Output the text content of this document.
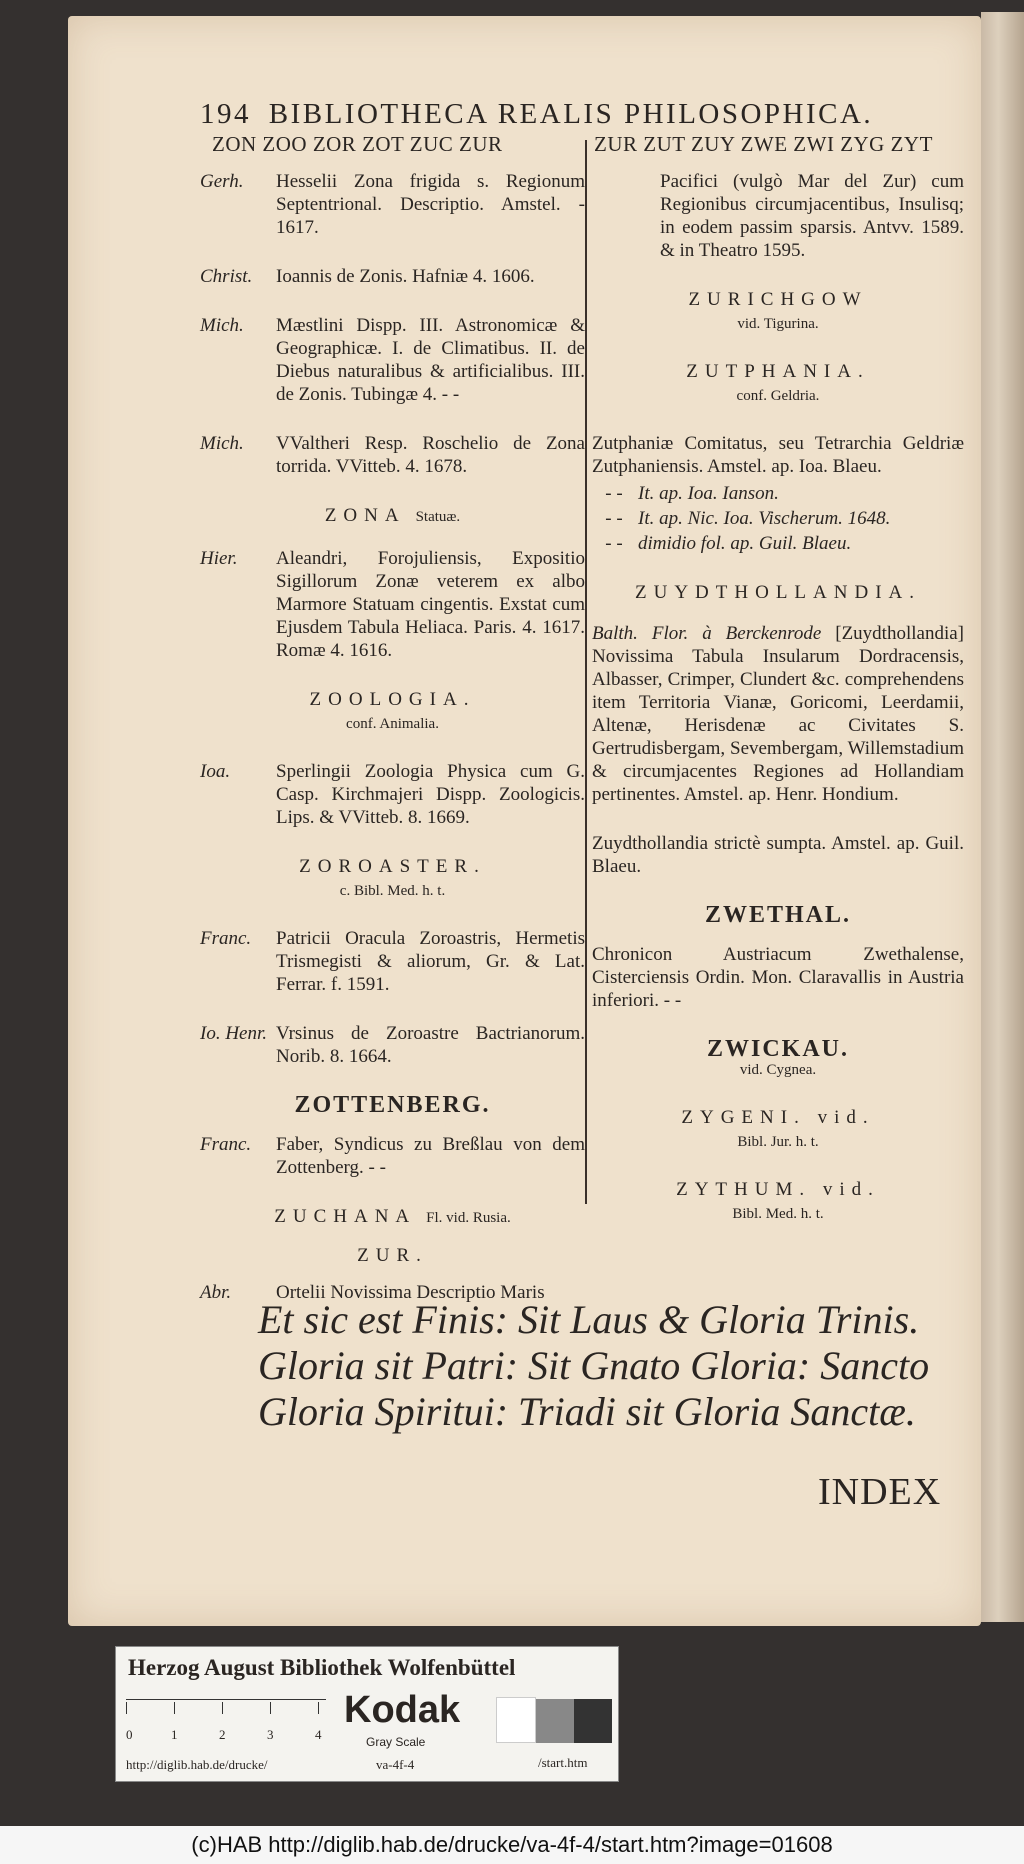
194 BIBLIOTHECA REALIS PHILOSOPHICA.
ZON ZOO ZOR ZOT ZUC ZUR	ZUR ZUT ZUY ZWE ZWI ZYG ZYT
Gerh.	Hesselii Zona frigida s. Regionum Septentrional. Descriptio. Amstel. - 1617.
Christ.	Ioannis de Zonis. Hafniæ 4. 1606.
Mich.	Mæstlini Dispp. III. Astronomicæ & Geographicæ. I. de Climatibus. II. de Diebus naturalibus & artificialibus. III. de Zonis. Tubingæ 4. - -
Mich.	VValtheri Resp. Roschelio de Zona torrida. VVitteb. 4. 1678.
ZONA Statuæ.
Hier.	Aleandri, Forojuliensis, Expositio Sigillorum Zonæ veterem ex albo Marmore Statuam cingentis. Exstat cum Ejusdem Tabula Heliaca. Paris. 4. 1617. Romæ 4. 1616.
ZOOLOGIA.
conf. Animalia.
Ioa.	Sperlingii Zoologia Physica cum G. Casp. Kirchmajeri Dispp. Zoologicis. Lips. & VVitteb. 8. 1669.
ZOROASTER.
c. Bibl. Med. h. t.
Franc.	Patricii Oracula Zoroastris, Hermetis Trismegisti & aliorum, Gr. & Lat. Ferrar. f. 1591.
Io. Henr. Vrsinus de Zoroastre Bactrianorum. Norib. 8. 1664.
ZOTTENBERG.
Franc.	Faber, Syndicus zu Breßlau von dem Zottenberg. - -
ZUCHANA Fl. vid. Rusia.
ZUR.
Abr.	Ortelii Novissima Descriptio Maris
Pacifici (vulgò Mar del Zur) cum Regionibus circumjacentibus, Insulisq; in eodem passim sparsis. Antvv. 1589. & in Theatro 1595.
ZURICHGOW
vid. Tigurina.
ZUTPHANIA.
conf. Geldria.
Zutphaniæ Comitatus, seu Tetrarchia Geldriæ Zutphaniensis. Amstel. ap. Ioa. Blaeu.
- - It. ap. Ioa. Ianson.
- - It. ap. Nic. Ioa. Vischerum. 1648.
- - dimidio fol. ap. Guil. Blaeu.
ZUYDTHOLLANDIA.
Balth. Flor. à Berckenrode [Zuydthollandia] Novissima Tabula Insularum Dordracensis, Albasser, Crimper, Clundert &c. comprehendens item Territoria Vianæ, Goricomi, Leerdamii, Altenæ, Herisdenæ ac Civitates S. Gertrudisbergam, Sevembergam, Willemstadium & circumjacentes Regiones ad Hollandiam pertinentes. Amstel. ap. Henr. Hondium.
Zuydthollandia strictè sumpta. Amstel. ap. Guil. Blaeu.
ZWETHAL.
Chronicon Austriacum Zwethalense, Cisterciensis Ordin. Mon. Claravallis in Austria inferiori. - -
ZWICKAU.
vid. Cygnea.
ZYGENI. vid.
Bibl. Jur. h. t.
ZYTHUM. vid.
Bibl. Med. h. t.
Et sic est Finis: Sit Laus & Gloria Trinis.
Gloria sit Patri: Sit Gnato Gloria: Sancto
Gloria Spiritui: Triadi sit Gloria Sanctæ.
INDEX
Herzog August Bibliothek Wolfenbüttel
0	1	2	3	4
Kodak
Gray Scale
http://diglib.hab.de/drucke/	va-4f-4	/start.htm
(c)HAB http://diglib.hab.de/drucke/va-4f-4/start.htm?image=01608
